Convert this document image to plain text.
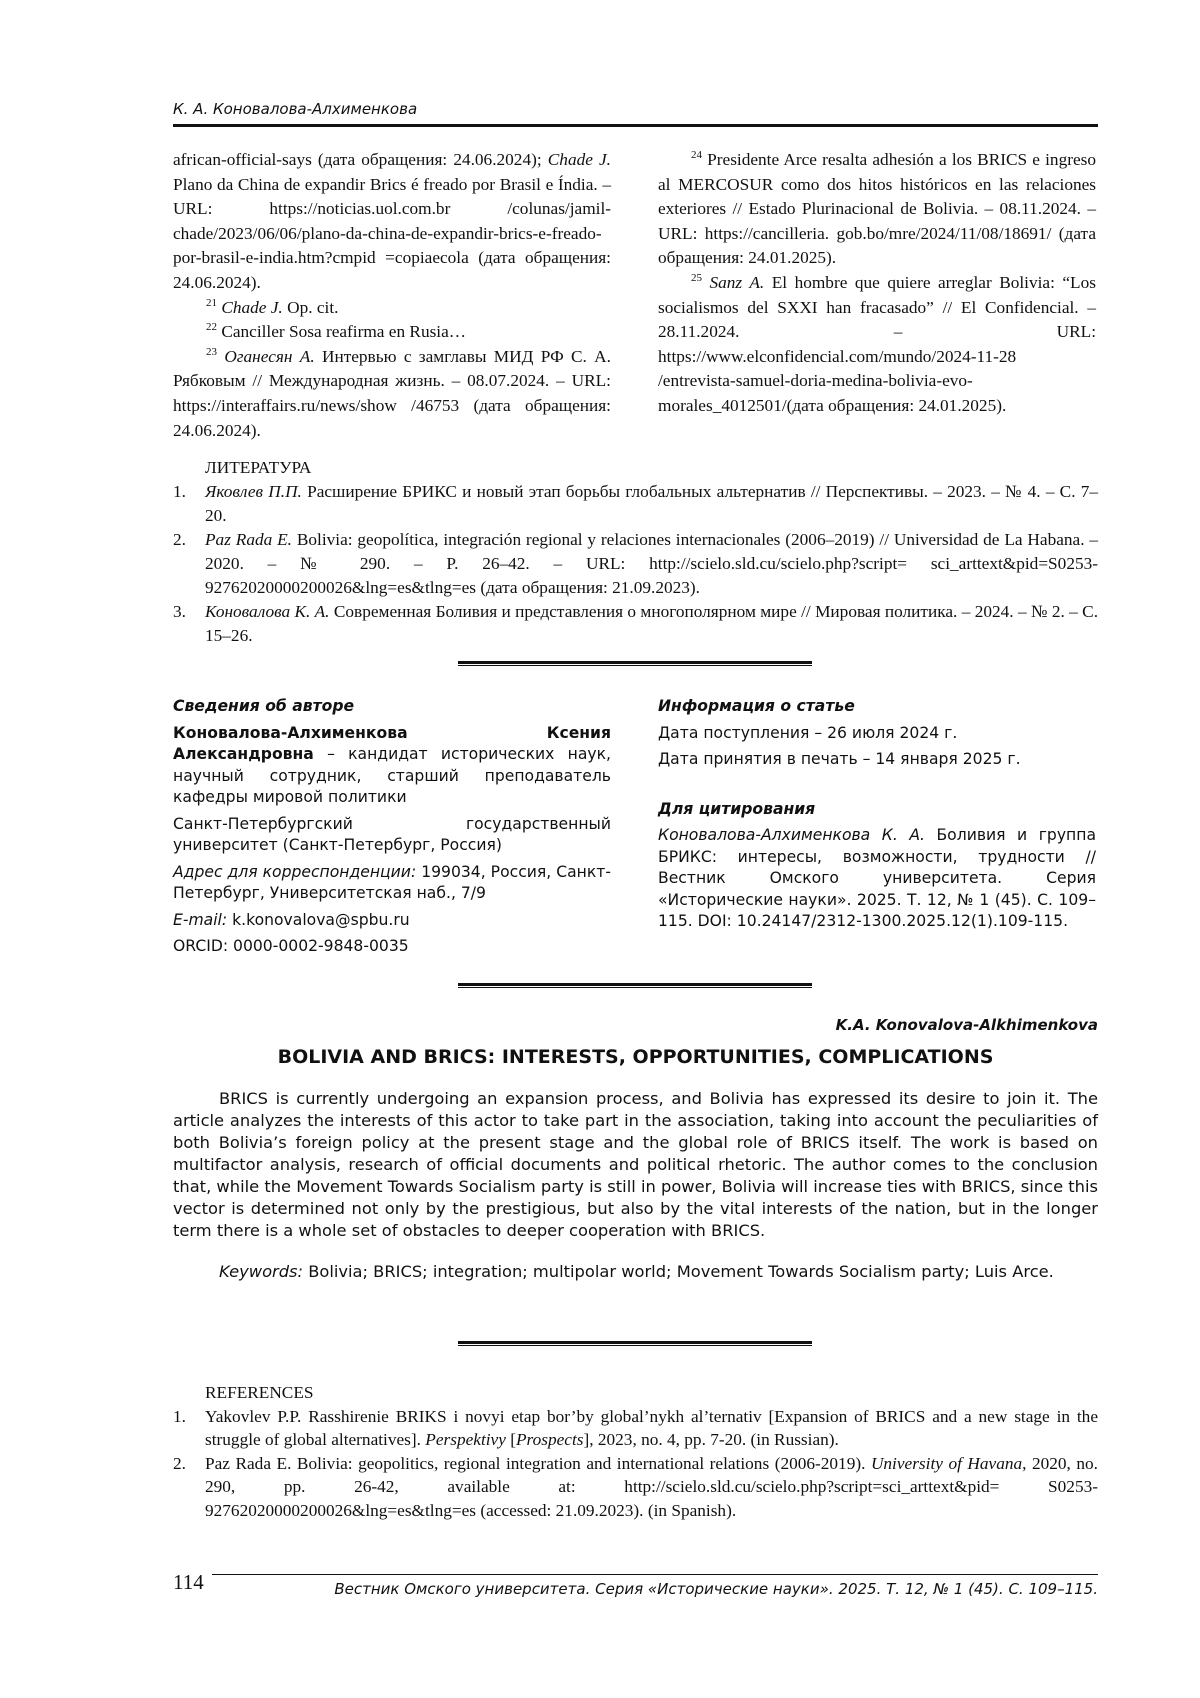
К. А. Коновалова-Алхименкова

african-official-says (дата обращения: 24.06.2024); Chade J. Plano da China de expandir Brics é freado por Brasil e Índia. – URL: https://noticias.uol.com.br /colunas/jamil-chade/2023/06/06/plano-da-china-de-expandir-brics-e-freado-por-brasil-e-india.htm?cmpid =copiaecola (дата обращения: 24.06.2024).

$^{21}$ Chade J. Op. cit.

$^{22}$ Canciller Sosa reafirma en Rusia…

$^{23}$ Оганесян А. Интервью с замглавы МИД РФ С. А. Рябковым // Международная жизнь. – 08.07.2024. – URL: https://interaffairs.ru/news/show /46753 (дата обращения: 24.06.2024).

$^{24}$ Presidente Arce resalta adhesión a los BRICS e ingreso al MERCOSUR como dos hitos históricos en las relaciones exteriores // Estado Plurinacional de Bolivia. – 08.11.2024. – URL: https://cancilleria. gob.bo/mre/2024/11/08/18691/ (дата обращения: 24.01.2025).

$^{25}$ Sanz A. El hombre que quiere arreglar Bolivia: “Los socialismos del SXXI han fracasado” // El Confidencial. – 28.11.2024. – URL: https://www.elconfidencial.com/mundo/2024-11-28 /entrevista-samuel-doria-medina-bolivia-evo-morales_4012501/(дата обращения: 24.01.2025).

ЛИТЕРАТУРА

1. Яковлев П.П. Расширение БРИКС и новый этап борьбы глобальных альтернатив // Перспективы. – 2023. – № 4. – С. 7–20.
2. Paz Rada E. Bolivia: geopolítica, integración regional y relaciones internacionales (2006–2019) // Universidad de La Habana. – 2020. – № 290. – P. 26–42. – URL: http://scielo.sld.cu/scielo.php?script= sci_arttext&pid=S0253-92762020000200026&lng=es&tlng=es (дата обращения: 21.09.2023).
3. Коновалова К. А. Современная Боливия и представления о многополярном мире // Мировая политика. – 2024. – № 2. – С. 15–26.

Сведения об авторе

Коновалова-Алхименкова Ксения Александровна – кандидат исторических наук, научный сотрудник, старший преподаватель кафедры мировой политики

Санкт-Петербургский государственный университет (Санкт-Петербург, Россия)

Адрес для корреспонденции: 199034, Россия, Санкт-Петербург, Университетская наб., 7/9

E-mail: k.konovalova@spbu.ru

ORCID: 0000-0002-9848-0035

Информация о статье

Дата поступления – 26 июля 2024 г.

Дата принятия в печать – 14 января 2025 г.

Для цитирования

Коновалова-Алхименкова К. А. Боливия и группа БРИКС: интересы, возможности, трудности // Вестник Омского университета. Серия «Исторические науки». 2025. Т. 12, № 1 (45). С. 109–115. DOI: 10.24147/2312-1300.2025.12(1).109-115.

K.A. Konovalova-Alkhimenkova
BOLIVIA AND BRICS: INTERESTS, OPPORTUNITIES, COMPLICATIONS

BRICS is currently undergoing an expansion process, and Bolivia has expressed its desire to join it. The article analyzes the interests of this actor to take part in the association, taking into account the peculiarities of both Bolivia’s foreign policy at the present stage and the global role of BRICS itself. The work is based on multifactor analysis, research of official documents and political rhetoric. The author comes to the conclusion that, while the Movement Towards Socialism party is still in power, Bolivia will increase ties with BRICS, since this vector is determined not only by the prestigious, but also by the vital interests of the nation, but in the longer term there is a whole set of obstacles to deeper cooperation with BRICS.

Keywords: Bolivia; BRICS; integration; multipolar world; Movement Towards Socialism party; Luis Arce.

REFERENCES

1. Yakovlev P.P. Rasshirenie BRIKS i novyi etap bor’by global’nykh al’ternativ [Expansion of BRICS and a new stage in the struggle of global alternatives]. Perspektivy [Prospects], 2023, no. 4, pp. 7-20. (in Russian).
2. Paz Rada E. Bolivia: geopolitics, regional integration and international relations (2006-2019). University of Havana, 2020, no. 290, pp. 26-42, available at: http://scielo.sld.cu/scielo.php?script=sci_arttext&pid= S0253-92762020000200026&lng=es&tlng=es (accessed: 21.09.2023). (in Spanish).
114	Вестник Омского университета. Серия «Исторические науки». 2025. Т. 12, № 1 (45). С. 109–115.
